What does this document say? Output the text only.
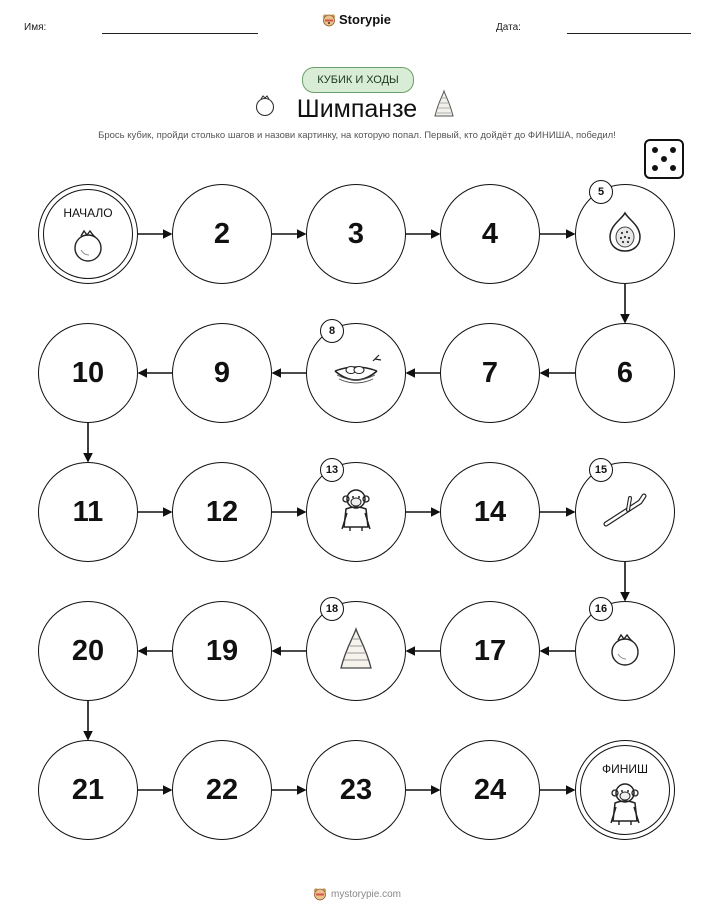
Имя:
Storypie
Дата:
КУБИК И ХОДЫ
Шимпанзе
Брось кубик, пройди столько шагов и назови картинку, на которую попал. Первый, кто дойдёт до ФИНИША, победил!
НАЧАЛО
2	3	4
5
6
7
8
9
10
11	12
13
14
15
16
17
18
19
20
21	22	23	24
ФИНИШ
mystorypie.com
